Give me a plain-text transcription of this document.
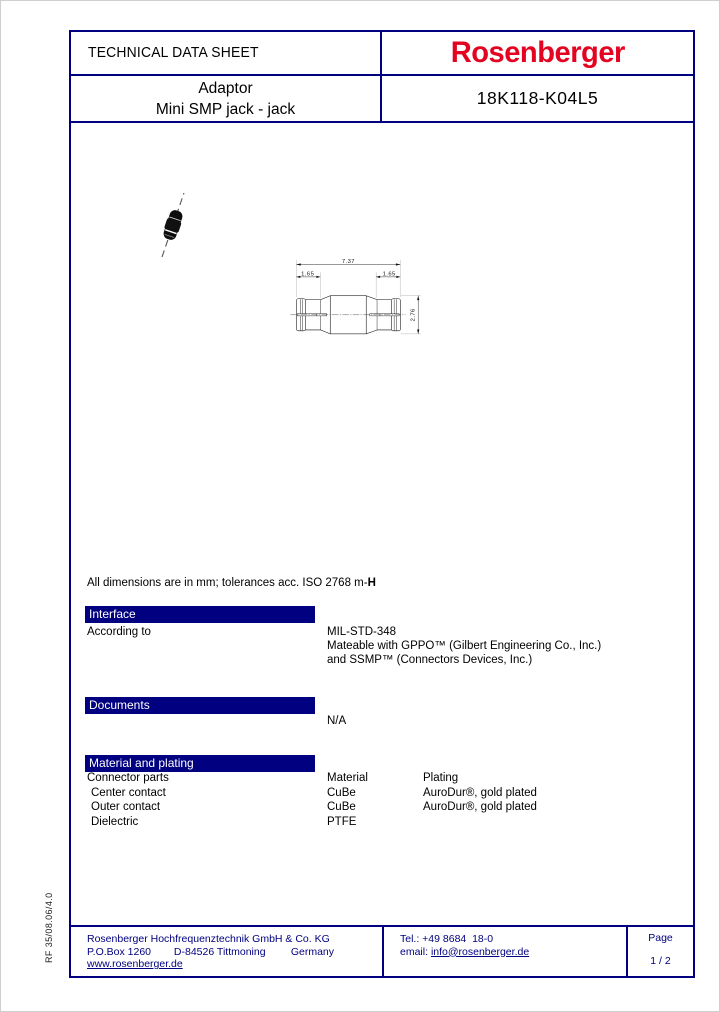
TECHNICAL DATA SHEET	Rosenberger
Adaptor
Mini SMP jack - jack
18K118-K04L5
7.37
1.65	1.65
2.76
All dimensions are in mm; tolerances acc. ISO 2768 m-H
Interface
According to	MIL-STD-348
Mateable with GPPO™ (Gilbert Engineering Co., Inc.)
and SSMP™ (Connectors Devices, Inc.)
Documents
N/A
Material and plating
Connector parts	Material	Plating
Center contact	CuBe	AuroDur®, gold plated
Outer contact	CuBe	AuroDur®, gold plated
Dielectric	PTFE
Rosenberger Hochfrequenztechnik GmbH & Co. KG
P.O.Box 1260 D-84526 Tittmoning Germany
www.rosenberger.de
Tel.: +49 8684  18-0
email: info@rosenberger.de
Page
1 / 2
RF 35/08.06/4.0
